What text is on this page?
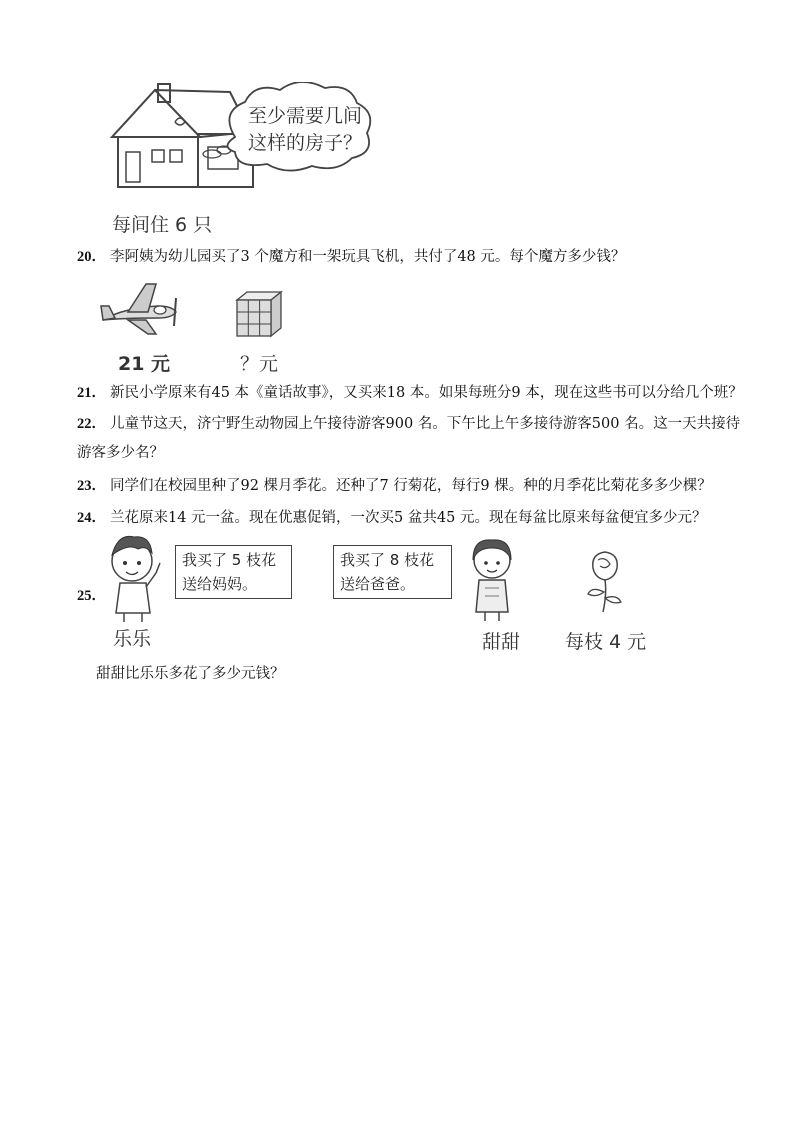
至少需要几间
这样的房子？
每间住 6 只
20． 李阿姨为幼儿园买了3 个魔方和一架玩具飞机，共付了48 元。每个魔方多少钱？
21 元	？元
21． 新民小学原来有45 本《童话故事》，又买来18 本。如果每班分9 本，现在这些书可以分给几个班？
22． 儿童节这天，济宁野生动物园上午接待游客900 名。下午比上午多接待游客500 名。这一天共接待
游客多少名？
23． 同学们在校园里种了92 棵月季花。还种了7 行菊花，每行9 棵。种的月季花比菊花多多少棵？
24． 兰花原来14 元一盆。现在优惠促销，一次买5 盆共45 元。现在每盆比原来每盆便宜多少元？
25．
我买了 5 枝花
送给妈妈。
乐乐
我买了 8 枝花
送给爸爸。
甜甜 每枝 4 元
甜甜比乐乐多花了多少元钱？
